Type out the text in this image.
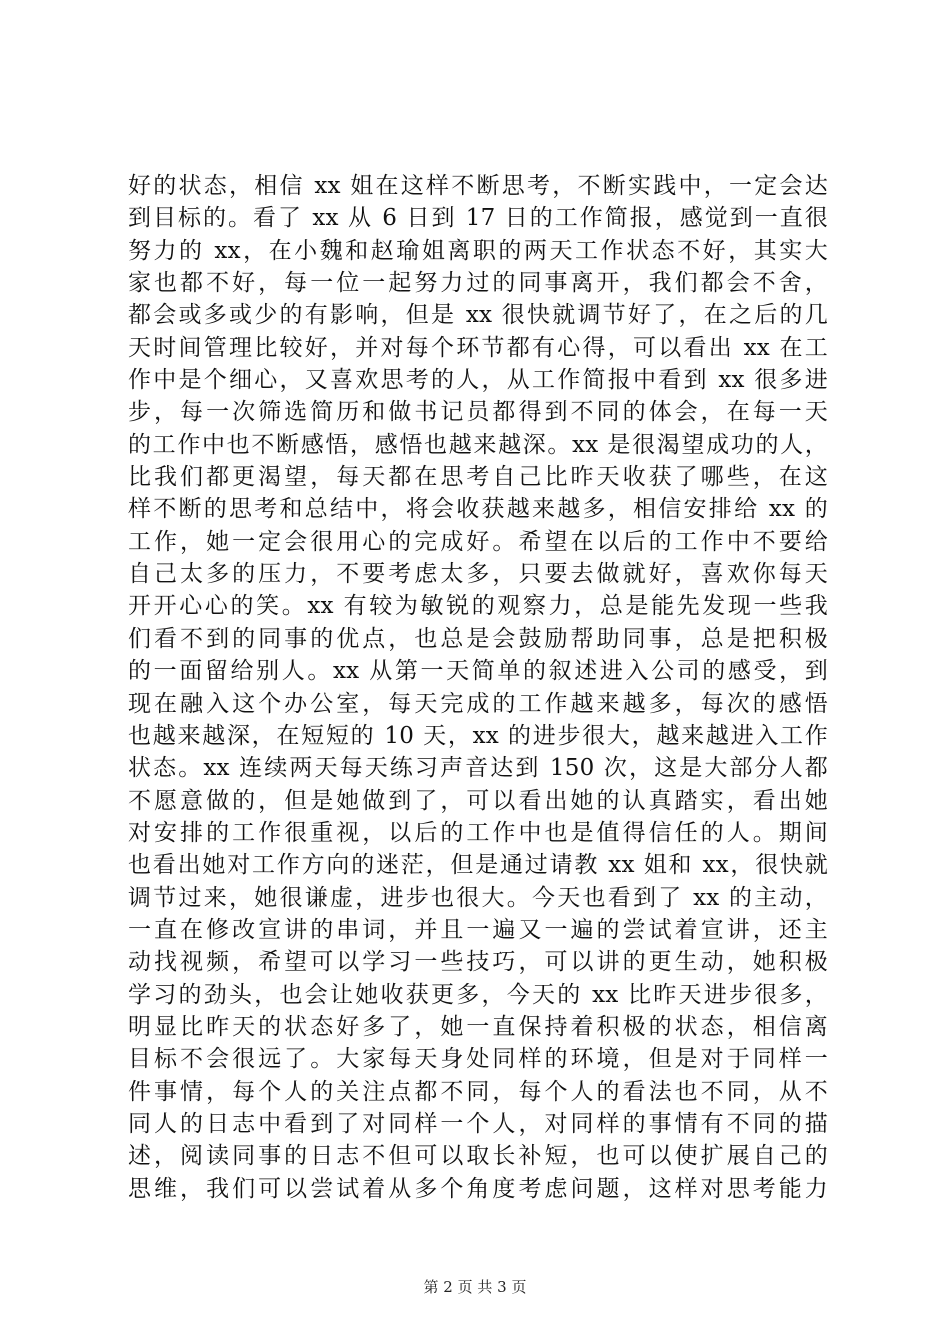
好的状态，相信 xx 姐在这样不断思考，不断实践中，一定会达
到目标的。看了 xx 从 6 日到 17 日的工作简报，感觉到一直很
努力的 xx，在小魏和赵瑜姐离职的两天工作状态不好，其实大
家也都不好，每一位一起努力过的同事离开，我们都会不舍，
都会或多或少的有影响，但是 xx 很快就调节好了，在之后的几
天时间管理比较好，并对每个环节都有心得，可以看出 xx 在工
作中是个细心，又喜欢思考的人，从工作简报中看到 xx 很多进
步，每一次筛选简历和做书记员都得到不同的体会，在每一天
的工作中也不断感悟，感悟也越来越深。xx 是很渴望成功的人，
比我们都更渴望，每天都在思考自己比昨天收获了哪些，在这
样不断的思考和总结中，将会收获越来越多，相信安排给 xx 的
工作，她一定会很用心的完成好。希望在以后的工作中不要给
自己太多的压力，不要考虑太多，只要去做就好，喜欢你每天
开开心心的笑。xx 有较为敏锐的观察力，总是能先发现一些我
们看不到的同事的优点，也总是会鼓励帮助同事，总是把积极
的一面留给别人。xx 从第一天简单的叙述进入公司的感受，到
现在融入这个办公室，每天完成的工作越来越多，每次的感悟
也越来越深，在短短的 10 天，xx 的进步很大，越来越进入工作
状态。xx 连续两天每天练习声音达到 150 次，这是大部分人都
不愿意做的，但是她做到了，可以看出她的认真踏实，看出她
对安排的工作很重视，以后的工作中也是值得信任的人。期间
也看出她对工作方向的迷茫，但是通过请教 xx 姐和 xx，很快就
调节过来，她很谦虚，进步也很大。今天也看到了 xx 的主动，
一直在修改宣讲的串词，并且一遍又一遍的尝试着宣讲，还主
动找视频，希望可以学习一些技巧，可以讲的更生动，她积极
学习的劲头，也会让她收获更多，今天的 xx 比昨天进步很多，
明显比昨天的状态好多了，她一直保持着积极的状态，相信离
目标不会很远了。大家每天身处同样的环境，但是对于同样一
件事情，每个人的关注点都不同，每个人的看法也不同，从不
同人的日志中看到了对同样一个人，对同样的事情有不同的描
述，阅读同事的日志不但可以取长补短，也可以使扩展自己的
思维，我们可以尝试着从多个角度考虑问题，这样对思考能力
第 2 页 共 3 页
